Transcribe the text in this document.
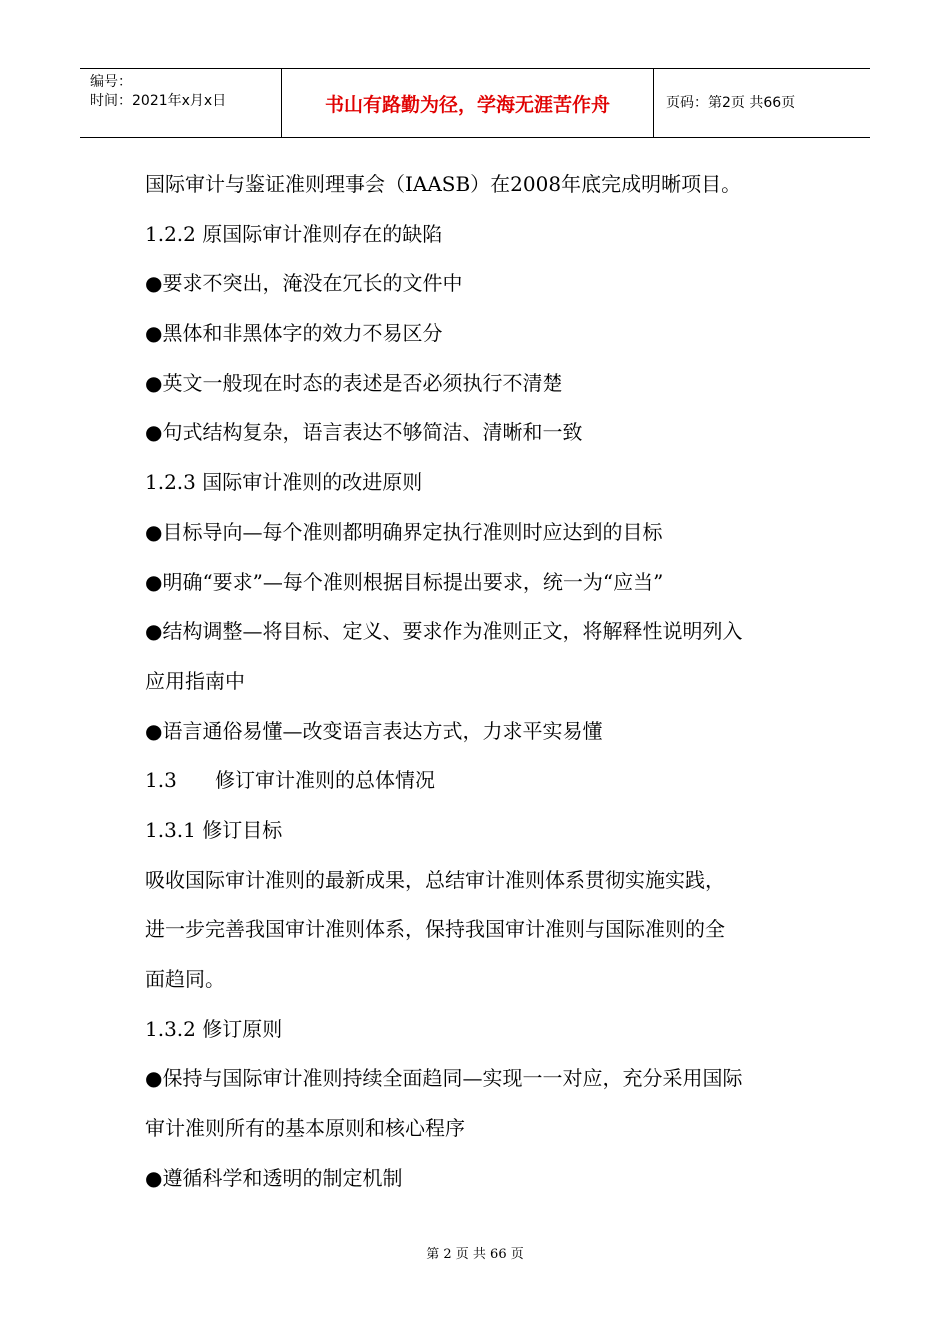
编号：
时间：2021年x月x日	书山有路勤为径，学海无涯苦作舟	页码：第2页 共66页
国际审计与鉴证准则理事会（IAASB）在2008年底完成明晰项目。
1.2.2 原国际审计准则存在的缺陷
●要求不突出，淹没在冗长的文件中
●黑体和非黑体字的效力不易区分
●英文一般现在时态的表述是否必须执行不清楚
●句式结构复杂，语言表达不够简洁、清晰和一致
1.2.3 国际审计准则的改进原则
●目标导向—每个准则都明确界定执行准则时应达到的目标
●明确“要求”—每个准则根据目标提出要求，统一为“应当”
●结构调整—将目标、定义、要求作为准则正文，将解释性说明列入
应用指南中
●语言通俗易懂—改变语言表达方式，力求平实易懂
1.3      修订审计准则的总体情况
1.3.1 修订目标
吸收国际审计准则的最新成果，总结审计准则体系贯彻实施实践，
进一步完善我国审计准则体系，保持我国审计准则与国际准则的全
面趋同。
1.3.2 修订原则
●保持与国际审计准则持续全面趋同—实现一一对应，充分采用国际
审计准则所有的基本原则和核心程序
●遵循科学和透明的制定机制
第 2 页 共 66 页
